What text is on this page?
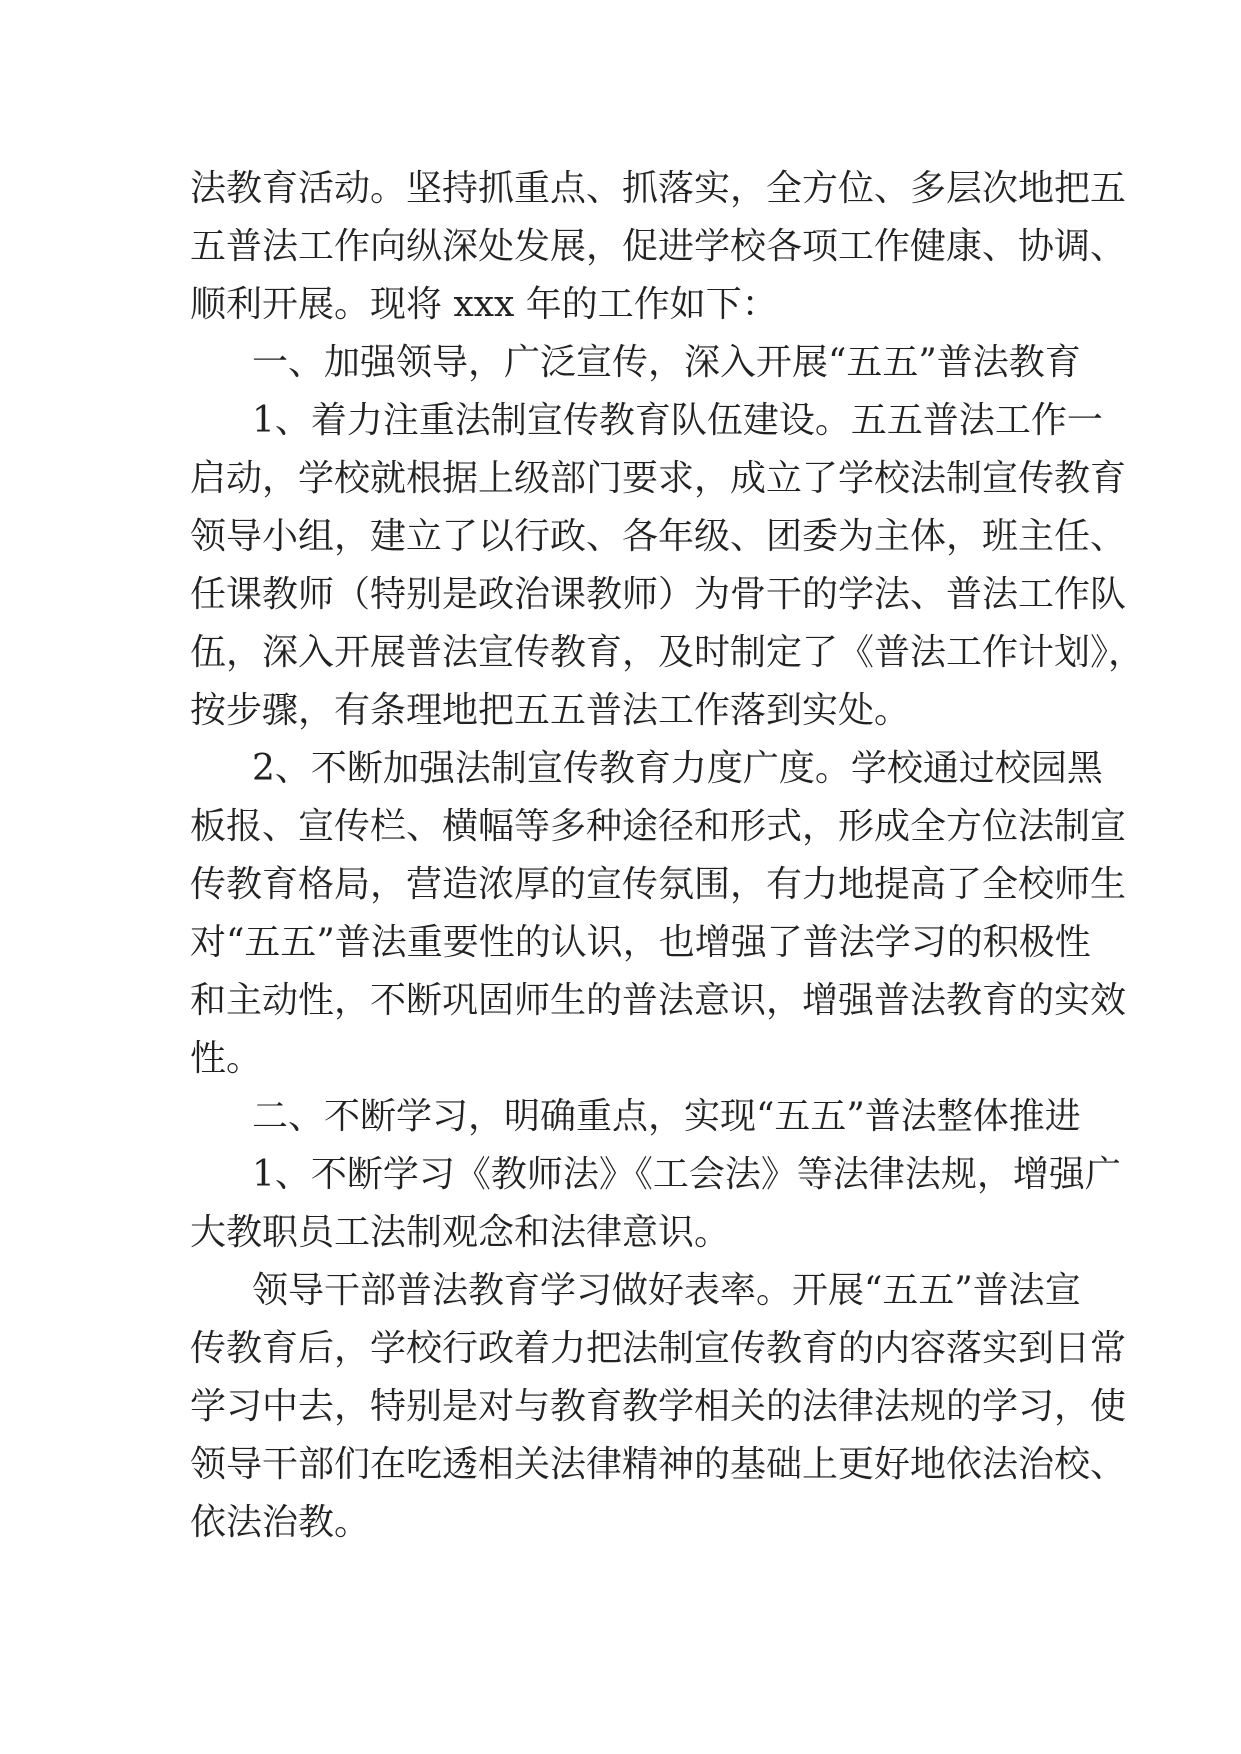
法教育活动。坚持抓重点、抓落实，全方位、多层次地把五
五普法工作向纵深处发展，促进学校各项工作健康、协调、
顺利开展。现将 xxx 年的工作如下：
一、加强领导，广泛宣传，深入开展“五五”普法教育
1、着力注重法制宣传教育队伍建设。五五普法工作一
启动，学校就根据上级部门要求，成立了学校法制宣传教育
领导小组，建立了以行政、各年级、团委为主体，班主任、
任课教师（特别是政治课教师）为骨干的学法、普法工作队
伍，深入开展普法宣传教育，及时制定了《普法工作计划》，
按步骤，有条理地把五五普法工作落到实处。
2、不断加强法制宣传教育力度广度。学校通过校园黑
板报、宣传栏、横幅等多种途径和形式，形成全方位法制宣
传教育格局，营造浓厚的宣传氛围，有力地提高了全校师生
对“五五”普法重要性的认识，也增强了普法学习的积极性
和主动性，不断巩固师生的普法意识，增强普法教育的实效
性。
二、不断学习，明确重点，实现“五五”普法整体推进
1、不断学习《教师法》《工会法》等法律法规，增强广
大教职员工法制观念和法律意识。
领导干部普法教育学习做好表率。开展“五五”普法宣
传教育后，学校行政着力把法制宣传教育的内容落实到日常
学习中去，特别是对与教育教学相关的法律法规的学习，使
领导干部们在吃透相关法律精神的基础上更好地依法治校、
依法治教。
